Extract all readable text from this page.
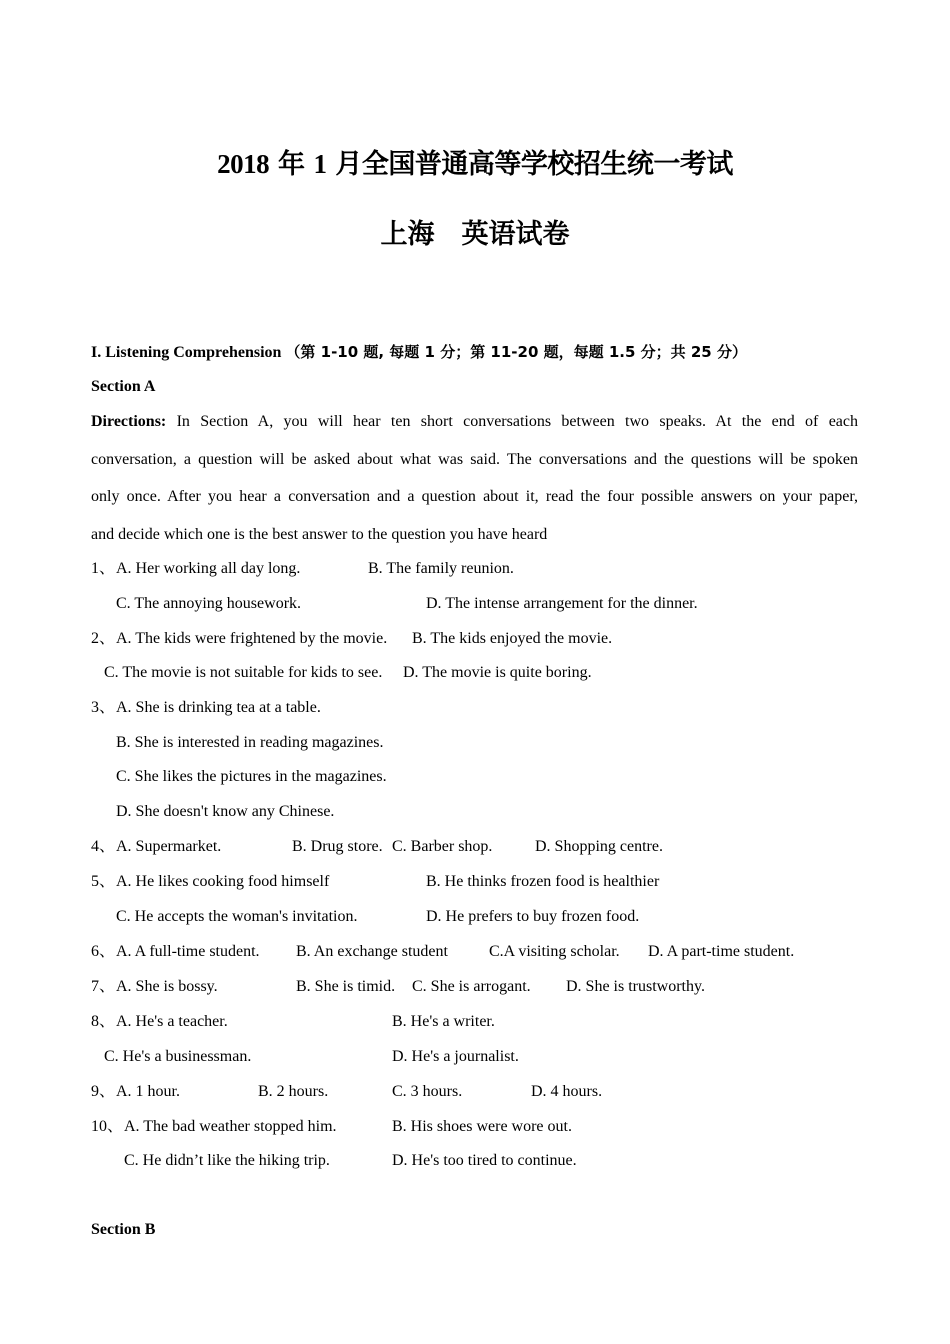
2018 年 1 月全国普通高等学校招生统一考试
上海　英语试卷
I. Listening Comprehension （第 1-10 题, 每题 1 分；第 11-20 题，每题 1.5 分；共 25 分）
Section A
Directions: In Section A, you will hear ten short conversations between two speaks. At the end of each
conversation, a question will be asked about what was said. The conversations and the questions will be spoken
only once. After you hear a conversation and a question about it, read the four possible answers on your paper,
and decide which one is the best answer to the question you have heard
1、 A. Her working all day long.	B. The family reunion.
C. The annoying housework.	D. The intense arrangement for the dinner.
2、 A. The kids were frightened by the movie. B. The kids enjoyed the movie.
C. The movie is not suitable for kids to see. D. The movie is quite boring.
3、 A. She is drinking tea at a table.
B. She is interested in reading magazines.
C. She likes the pictures in the magazines.
D. She doesn't know any Chinese.
4、 A. Supermarket.	B. Drug store. C. Barber shop.	D. Shopping centre.
5、 A. He likes cooking food himself	B. He thinks frozen food is healthier
C. He accepts the woman's invitation.	D. He prefers to buy frozen food.
6、 A. A full-time student. B. An exchange student	C.A visiting scholar. D. A part-time student.
7、 A. She is bossy.	B. She is timid. C. She is arrogant. D. She is trustworthy.
8、 A. He's a teacher.	B. He's a writer.
C. He's a businessman.	D. He's a journalist.
9、 A. 1 hour.	B. 2 hours.	C. 3 hours.	D. 4 hours.
10、 A. The bad weather stopped him.	B. His shoes were wore out.
C. He didn’t like the hiking trip.	D. He's too tired to continue.
Section B
